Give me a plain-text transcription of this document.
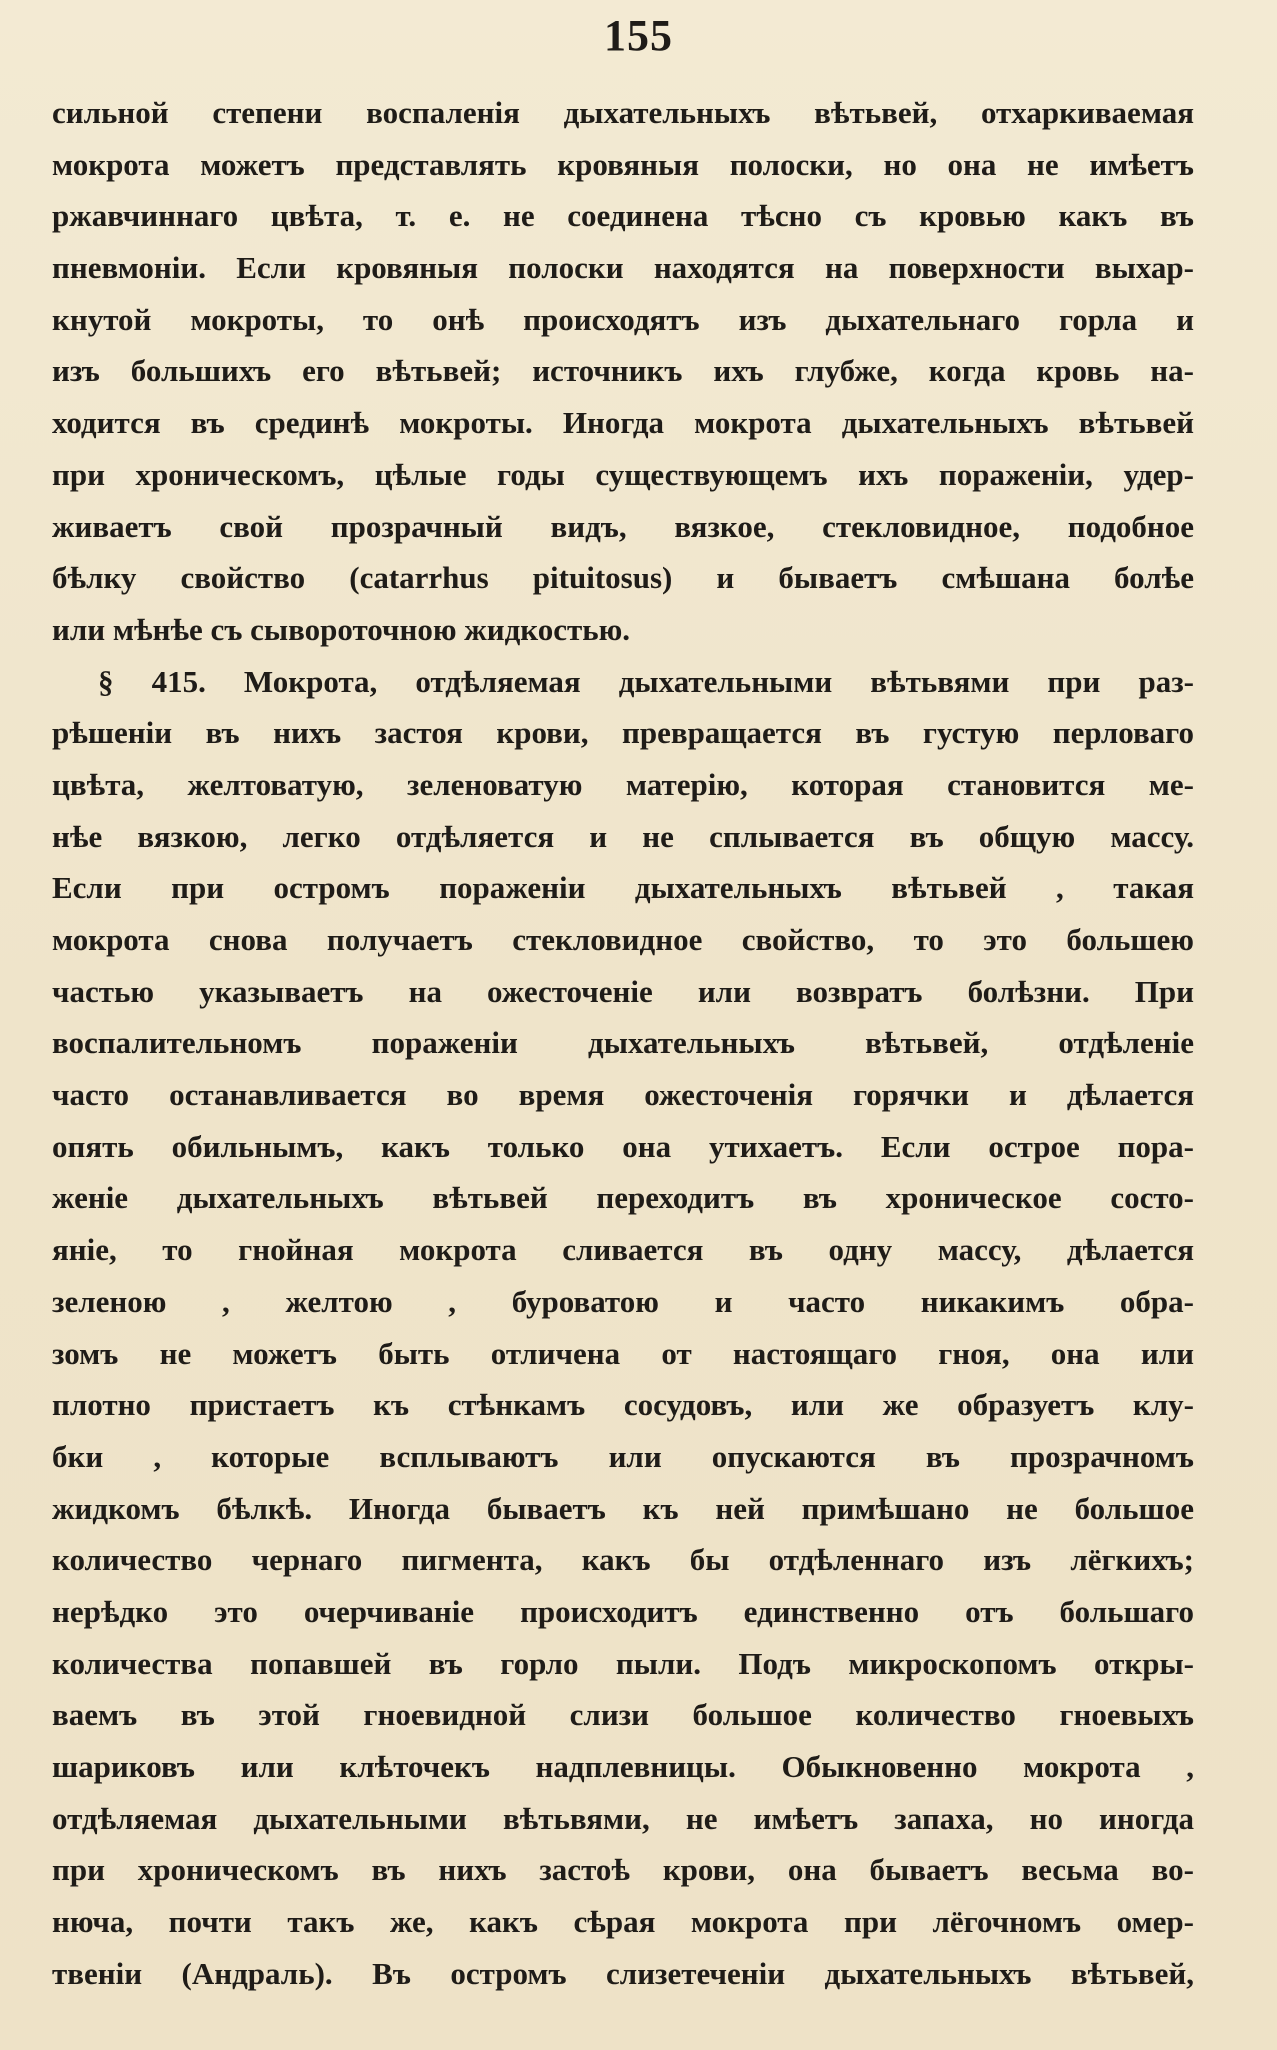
155
сильной степени воспаленія дыхательныхъ вѣтьвей, отхаркиваемая
мокрота можетъ представлять кровяныя полоски, но она не имѣетъ
ржавчиннаго цвѣта, т. е. не соединена тѣсно съ кровью какъ въ
пневмоніи. Если кровяныя полоски находятся на поверхности выхар-
кнутой мокроты, то онѣ происходятъ изъ дыхательнаго горла и
изъ большихъ его вѣтьвей; источникъ ихъ глубже, когда кровь на-
ходится въ срединѣ мокроты. Иногда мокрота дыхательныхъ вѣтьвей
при хроническомъ, цѣлые годы существующемъ ихъ пораженіи, удер-
живаетъ свой прозрачный видъ, вязкое, стекловидное, подобное
бѣлку свойство (catarrhus pituitosus) и бываетъ смѣшана болѣе
или мѣнѣе съ сывороточною жидкостью.
§ 415. Мокрота, отдѣляемая дыхательными вѣтьвями при раз-
рѣшеніи въ нихъ застоя крови, превращается въ густую перловаго
цвѣта, желтоватую, зеленоватую матерію, которая становится ме-
нѣе вязкою, легко отдѣляется и не сплывается въ общую массу.
Если при остромъ пораженіи дыхательныхъ вѣтьвей , такая
мокрота снова получаетъ стекловидное свойство, то это большею
частью указываетъ на ожесточеніе или возвратъ болѣзни. При
воспалительномъ пораженіи дыхательныхъ вѣтьвей, отдѣленіе
часто останавливается во время ожесточенія горячки и дѣлается
опять обильнымъ, какъ только она утихаетъ. Если острое пора-
женіе дыхательныхъ вѣтьвей переходитъ въ хроническое состо-
яніе, то гнойная мокрота сливается въ одну массу, дѣлается
зеленою , желтою , буроватою и часто никакимъ обра-
зомъ не можетъ быть отличена от настоящаго гноя, она или
плотно пристаетъ къ стѣнкамъ сосудовъ, или же образуетъ клу-
бки , которые всплываютъ или опускаются въ прозрачномъ
жидкомъ бѣлкѣ. Иногда бываетъ къ ней примѣшано не большое
количество чернаго пигмента, какъ бы отдѣленнаго изъ лёгкихъ;
нерѣдко это очерчиваніе происходитъ единственно отъ большаго
количества попавшей въ горло пыли. Подъ микроскопомъ откры-
ваемъ въ этой гноевидной слизи большое количество гноевыхъ
шариковъ или клѣточекъ надплевницы. Обыкновенно мокрота ,
отдѣляемая дыхательными вѣтьвями, не имѣетъ запаха, но иногда
при хроническомъ въ нихъ застоѣ крови, она бываетъ весьма во-
нюча, почти такъ же, какъ сѣрая мокрота при лёгочномъ омер-
твеніи (Андраль). Въ остромъ слизетеченіи дыхательныхъ вѣтьвей,
